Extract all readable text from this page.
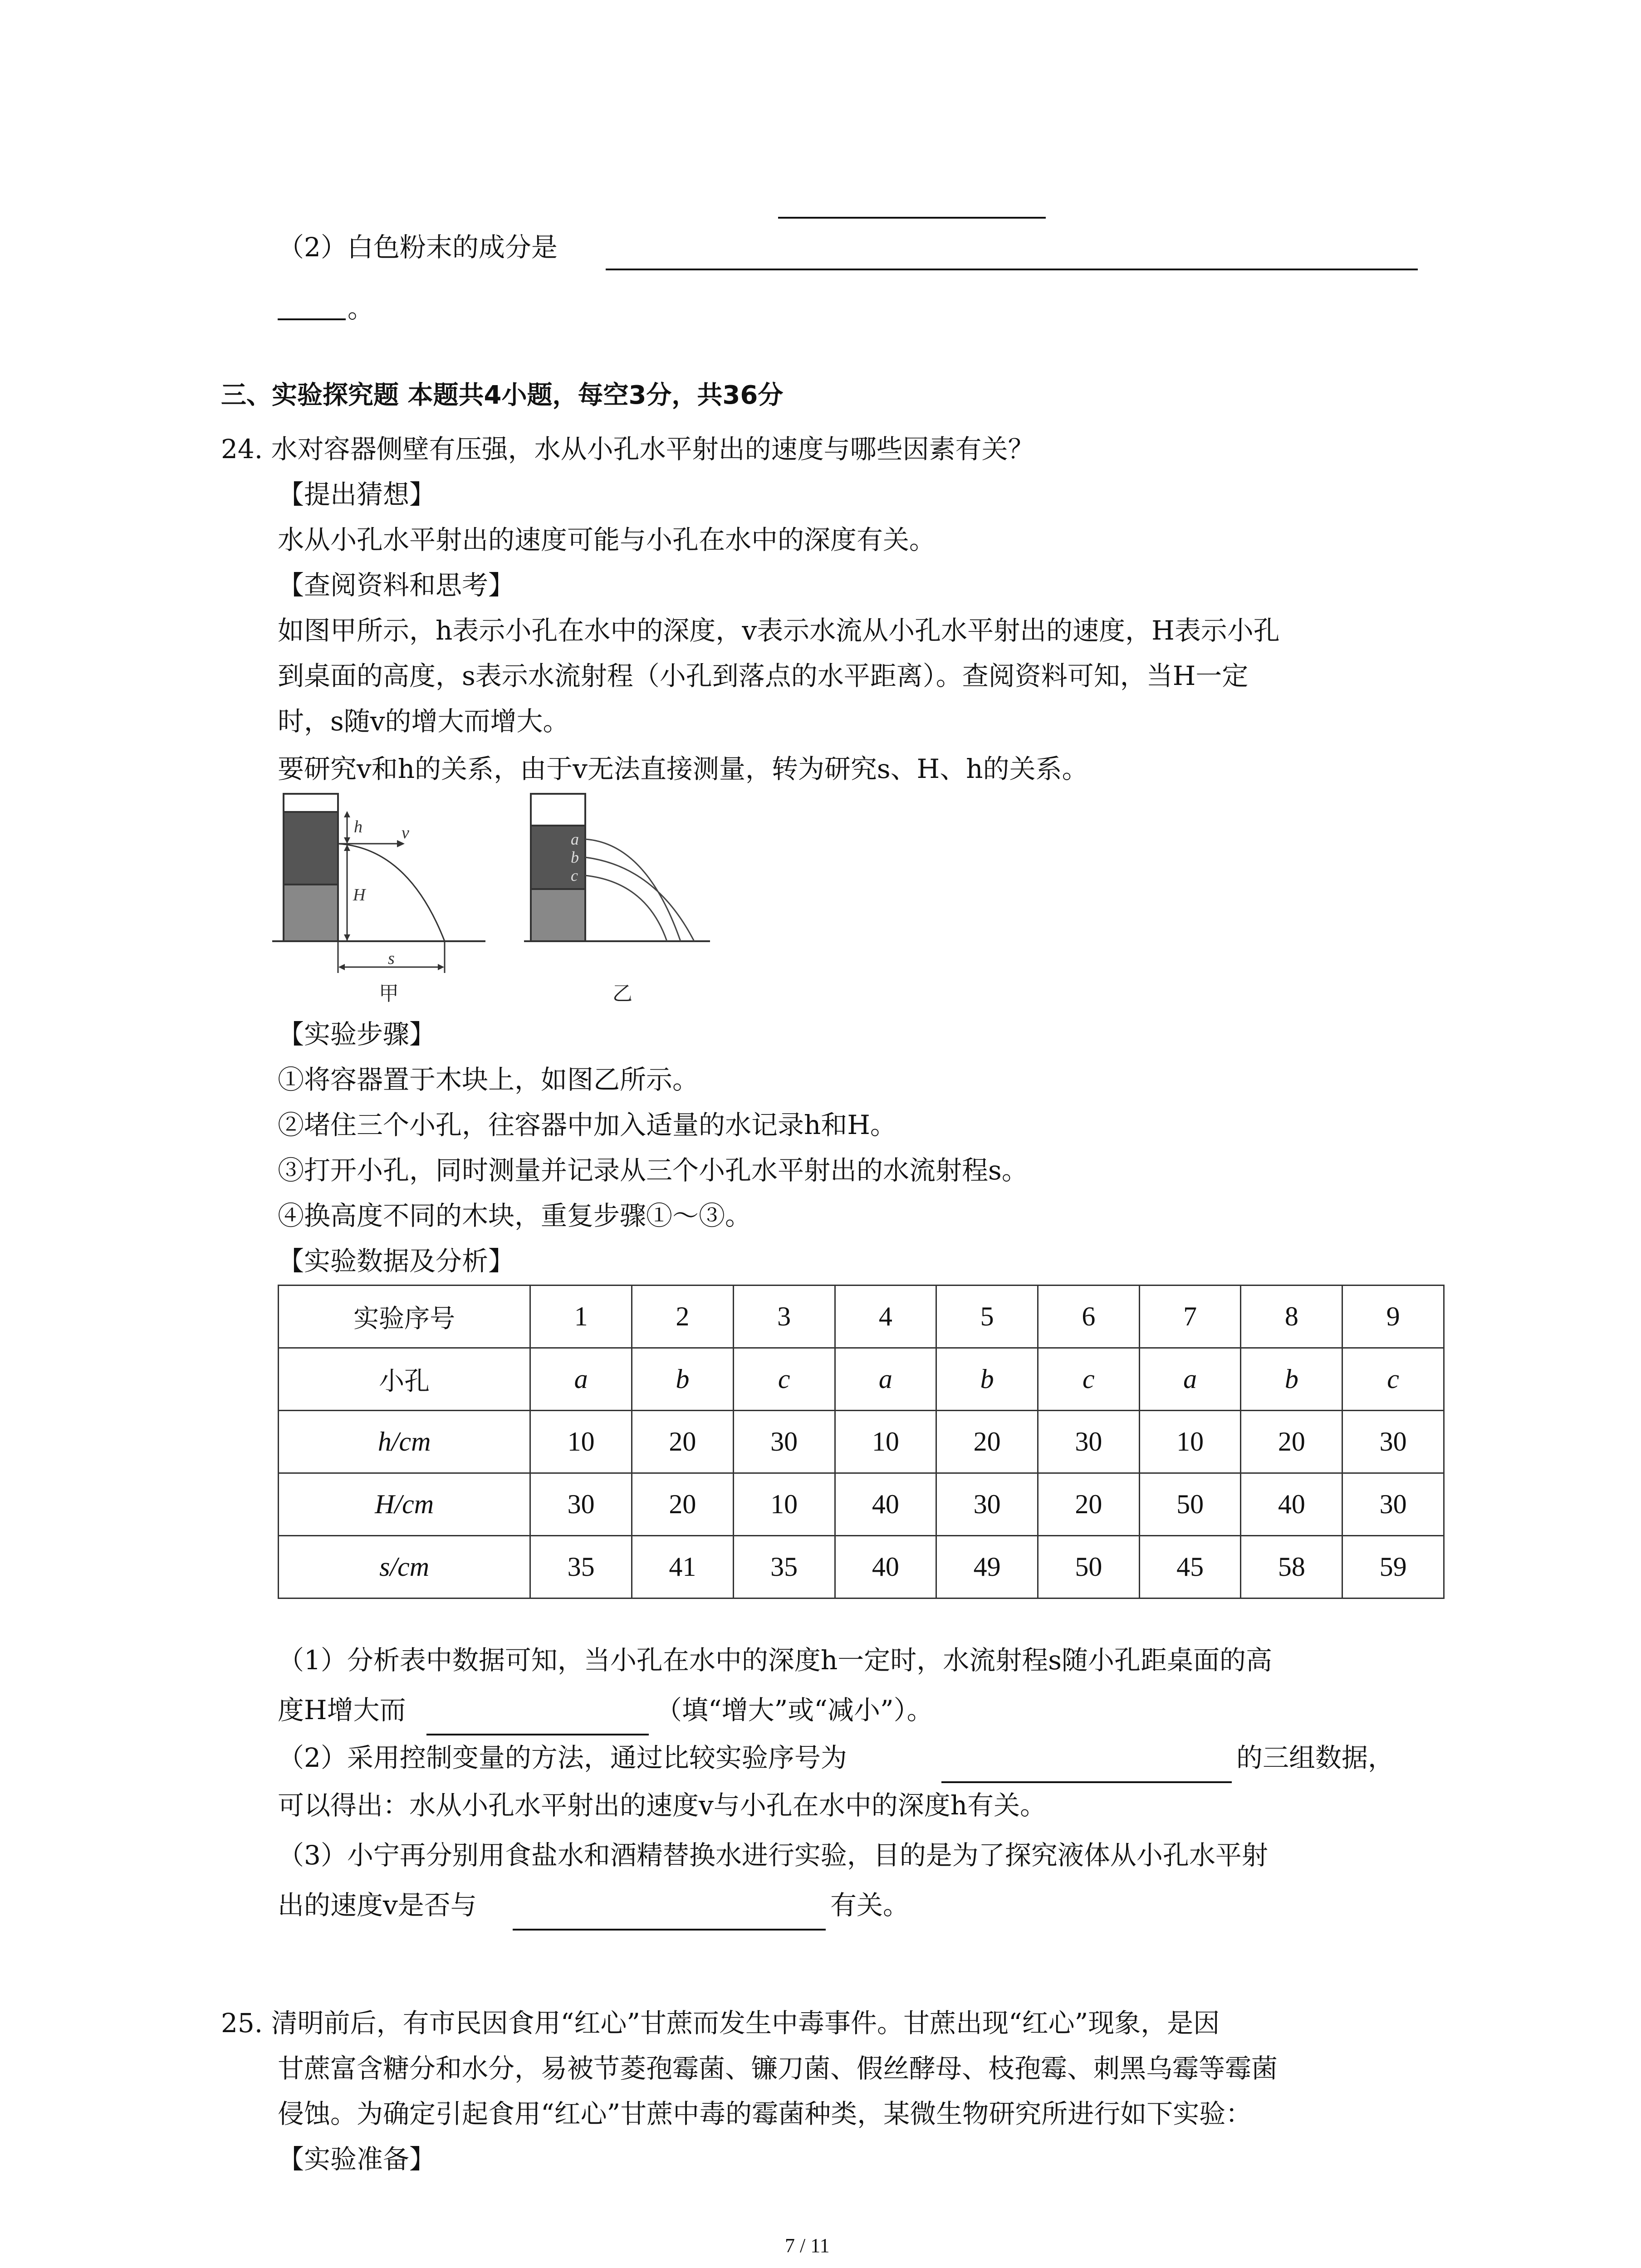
（2）白色粉末的成分是
。
三、实验探究题 本题共4小题，每空3分，共36分
24. 水对容器侧壁有压强，水从小孔水平射出的速度与哪些因素有关？
【提出猜想】
水从小孔水平射出的速度可能与小孔在水中的深度有关。
【查阅资料和思考】
如图甲所示，h表示小孔在水中的深度，v表示水流从小孔水平射出的速度，H表示小孔
到桌面的高度，s表示水流射程（小孔到落点的水平距离）。查阅资料可知，当H一定
时，s随v的增大而增大。
要研究v和h的关系，由于v无法直接测量，转为研究s、H、h的关系。
h v
H
s
甲
a
b
c
乙
【实验步骤】
①将容器置于木块上，如图乙所示。
②堵住三个小孔，往容器中加入适量的水记录h和H。
③打开小孔，同时测量并记录从三个小孔水平射出的水流射程s。
④换高度不同的木块，重复步骤①～③。
【实验数据及分析】
实验序号	1	2	3	4	5	6	7	8	9
小孔	a	b	c	a	b	c	a	b	c
h/cm	10	20	30	10	20	30	10	20	30
H/cm	30	20	10	40	30	20	50	40	30
s/cm	35	41	35	40	49	50	45	58	59
（1）分析表中数据可知，当小孔在水中的深度h一定时，水流射程s随小孔距桌面的高
度H增大而	（填“增大”或“减小”）。
（2）采用控制变量的方法，通过比较实验序号为	的三组数据，
可以得出：水从小孔水平射出的速度v与小孔在水中的深度h有关。
（3）小宁再分别用食盐水和酒精替换水进行实验，目的是为了探究液体从小孔水平射
出的速度v是否与	有关。
25. 清明前后，有市民因食用“红心”甘蔗而发生中毒事件。甘蔗出现“红心”现象，是因
甘蔗富含糖分和水分，易被节菱孢霉菌、镰刀菌、假丝酵母、枝孢霉、刺黑乌霉等霉菌
侵蚀。为确定引起食用“红心”甘蔗中毒的霉菌种类，某微生物研究所进行如下实验：
【实验准备】
7 / 11
